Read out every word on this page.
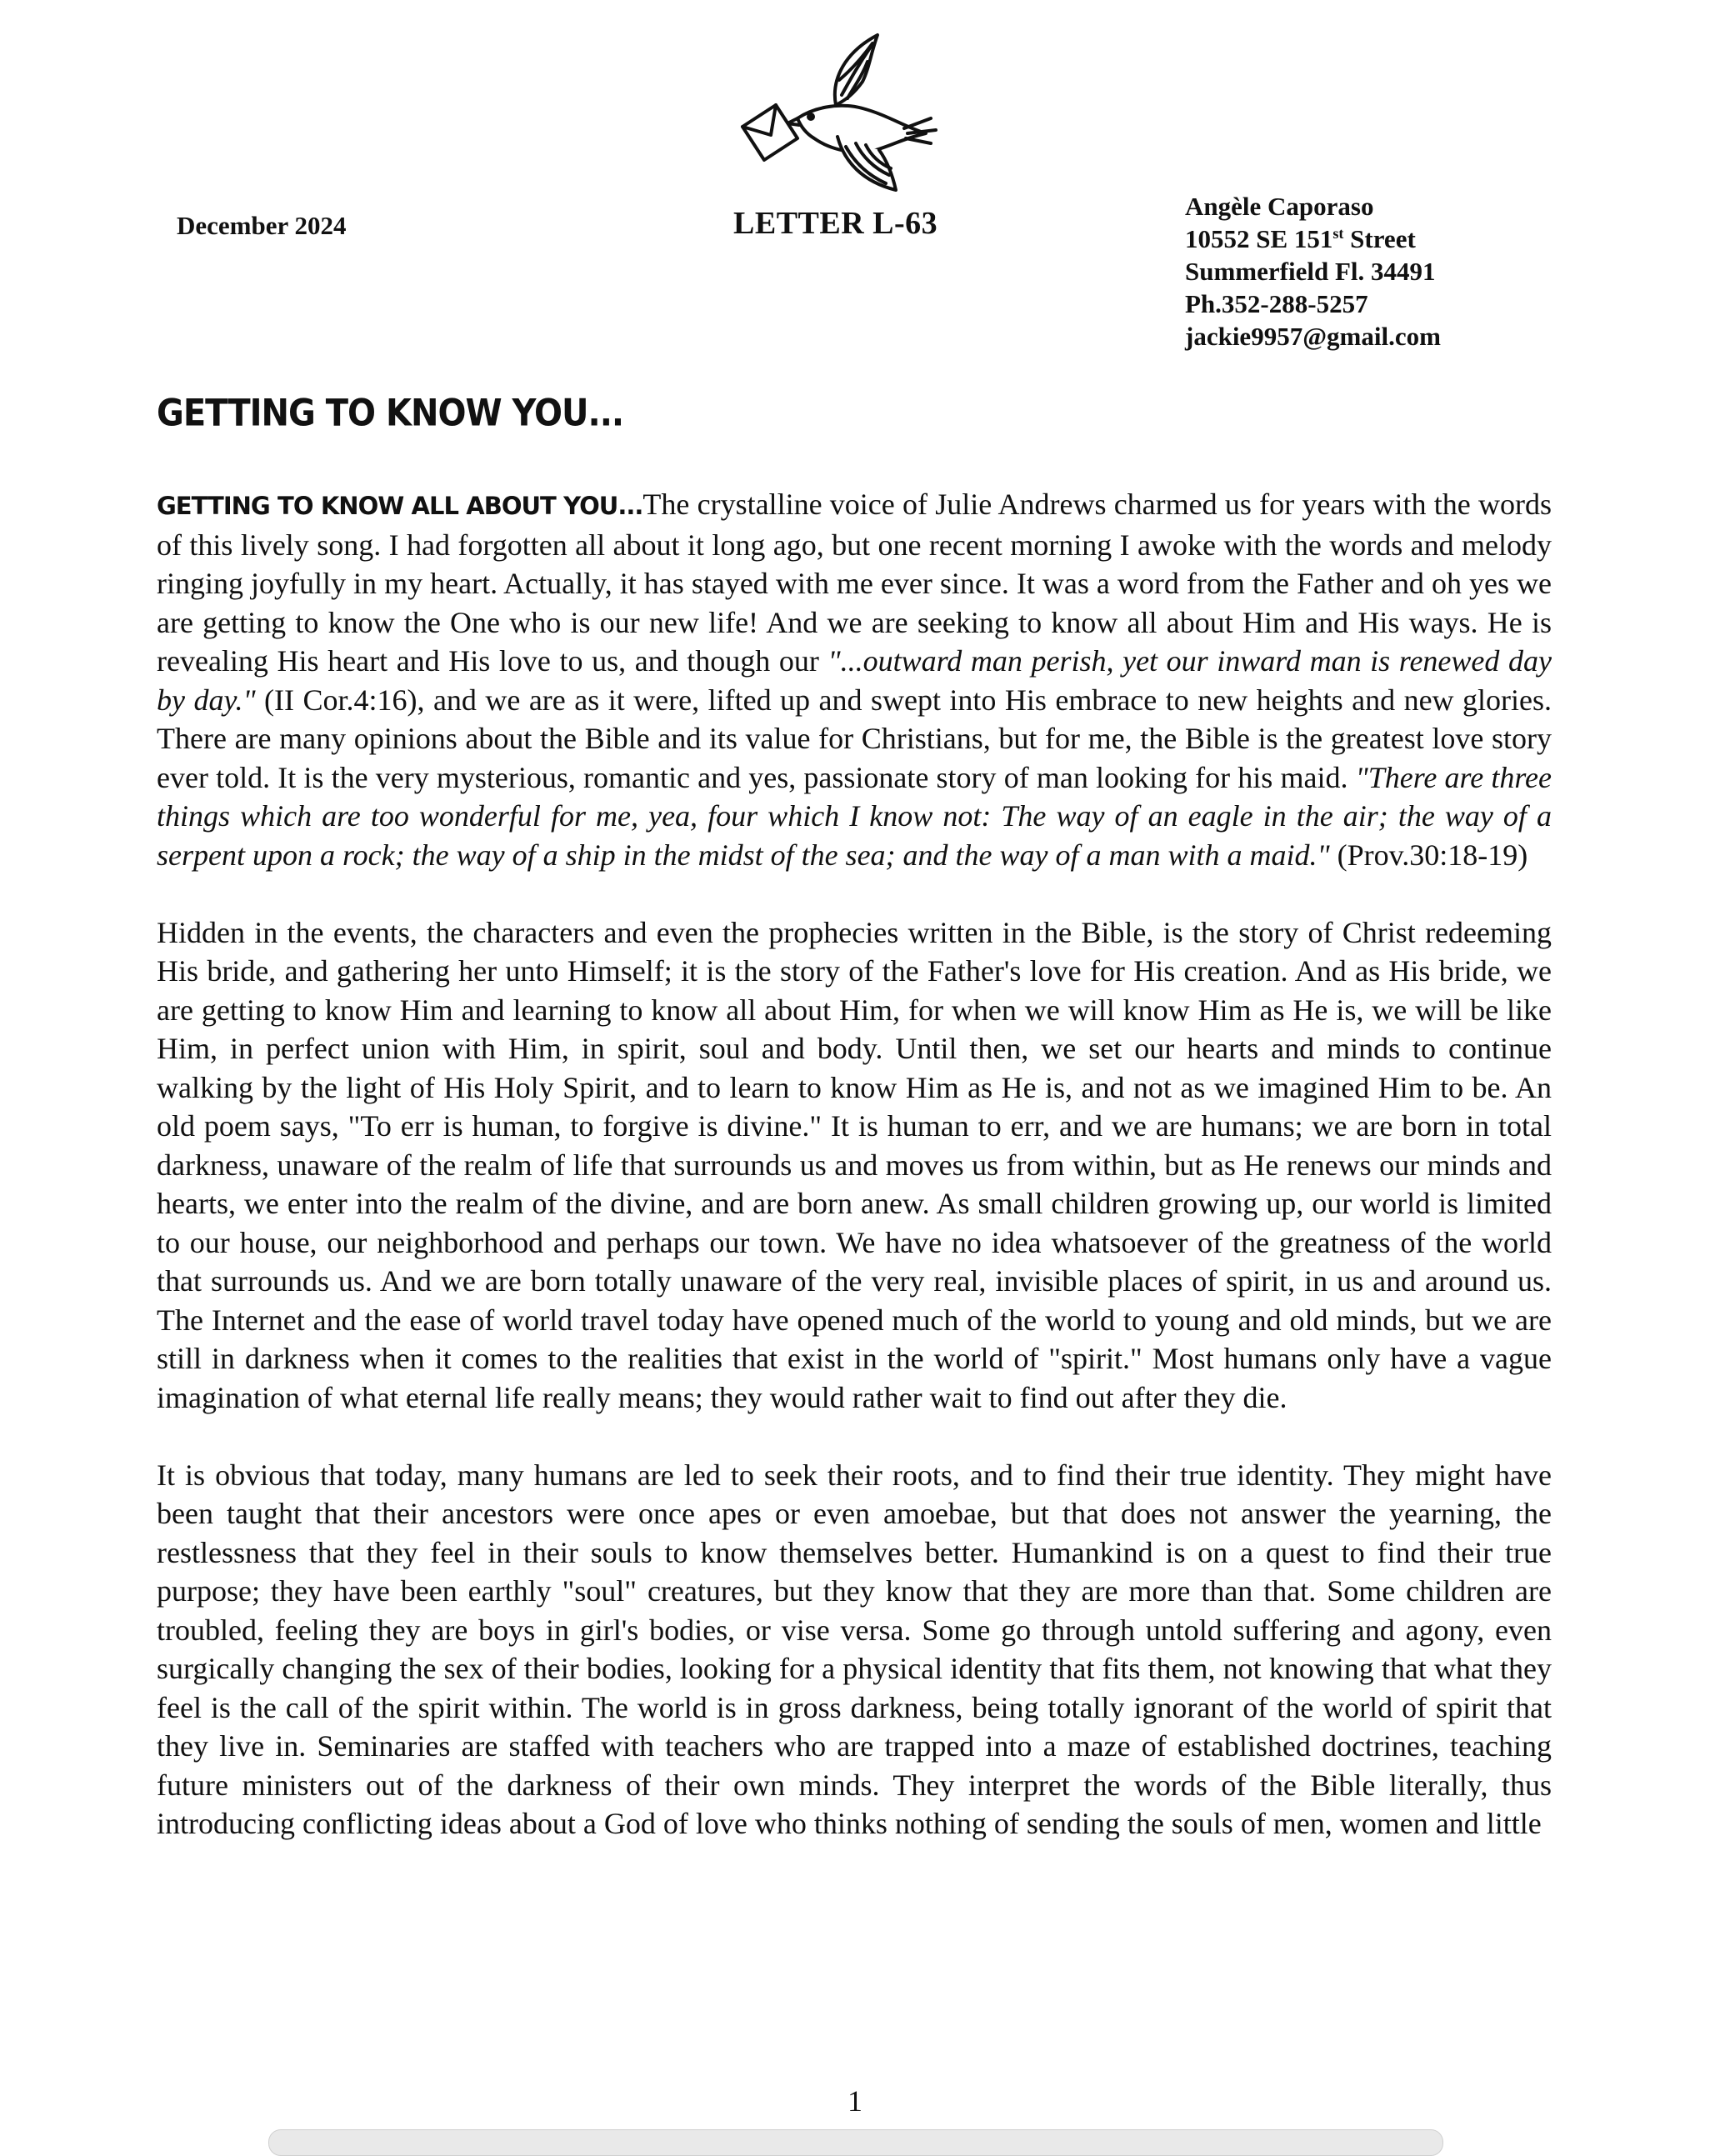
December 2024	LETTER L-63	Angèle Caporaso
10552 SE 151st Street
Summerfield Fl. 34491
Ph.352-288-5257
jackie9957@gmail.com
GETTING TO KNOW YOU...

GETTING TO KNOW ALL ABOUT YOU...The crystalline voice of Julie Andrews charmed us for years with the words of this lively song. I had forgotten all about it long ago, but one recent morning I awoke with the words and melody ringing joyfully in my heart. Actually, it has stayed with me ever since. It was a word from the Father and oh yes we are getting to know the One who is our new life! And we are seeking to know all about Him and His ways. He is revealing His heart and His love to us, and though our "...outward man perish, yet our inward man is renewed day by day." (II Cor.4:16), and we are as it were, lifted up and swept into His embrace to new heights and new glories. There are many opinions about the Bible and its value for Christians, but for me, the Bible is the greatest love story ever told. It is the very mysterious, romantic and yes, passionate story of man looking for his maid. "There are three things which are too wonderful for me, yea, four which I know not: The way of an eagle in the air; the way of a serpent upon a rock; the way of a ship in the midst of the sea; and the way of a man with a maid." (Prov.30:18-19)

Hidden in the events, the characters and even the prophecies written in the Bible, is the story of Christ redeeming His bride, and gathering her unto Himself; it is the story of the Father's love for His creation. And as His bride, we are getting to know Him and learning to know all about Him, for when we will know Him as He is, we will be like Him, in perfect union with Him, in spirit, soul and body. Until then, we set our hearts and minds to continue walking by the light of His Holy Spirit, and to learn to know Him as He is, and not as we imagined Him to be. An old poem says, "To err is human, to forgive is divine." It is human to err, and we are humans; we are born in total darkness, unaware of the realm of life that surrounds us and moves us from within, but as He renews our minds and hearts, we enter into the realm of the divine, and are born anew. As small children growing up, our world is limited to our house, our neighborhood and perhaps our town. We have no idea whatsoever of the greatness of the world that surrounds us. And we are born totally unaware of the very real, invisible places of spirit, in us and around us. The Internet and the ease of world travel today have opened much of the world to young and old minds, but we are still in darkness when it comes to the realities that exist in the world of "spirit." Most humans only have a vague imagination of what eternal life really means; they would rather wait to find out after they die.

It is obvious that today, many humans are led to seek their roots, and to find their true identity. They might have been taught that their ancestors were once apes or even amoebae, but that does not answer the yearning, the restlessness that they feel in their souls to know themselves better. Humankind is on a quest to find their true purpose; they have been earthly "soul" creatures, but they know that they are more than that. Some children are troubled, feeling they are boys in girl's bodies, or vise versa. Some go through untold suffering and agony, even surgically changing the sex of their bodies, looking for a physical identity that fits them, not knowing that what they feel is the call of the spirit within. The world is in gross darkness, being totally ignorant of the world of spirit that they live in. Seminaries are staffed with teachers who are trapped into a maze of established doctrines, teaching future ministers out of the darkness of their own minds. They interpret the words of the Bible literally, thus introducing conflicting ideas about a God of love who thinks nothing of sending the souls of men, women and little

1
